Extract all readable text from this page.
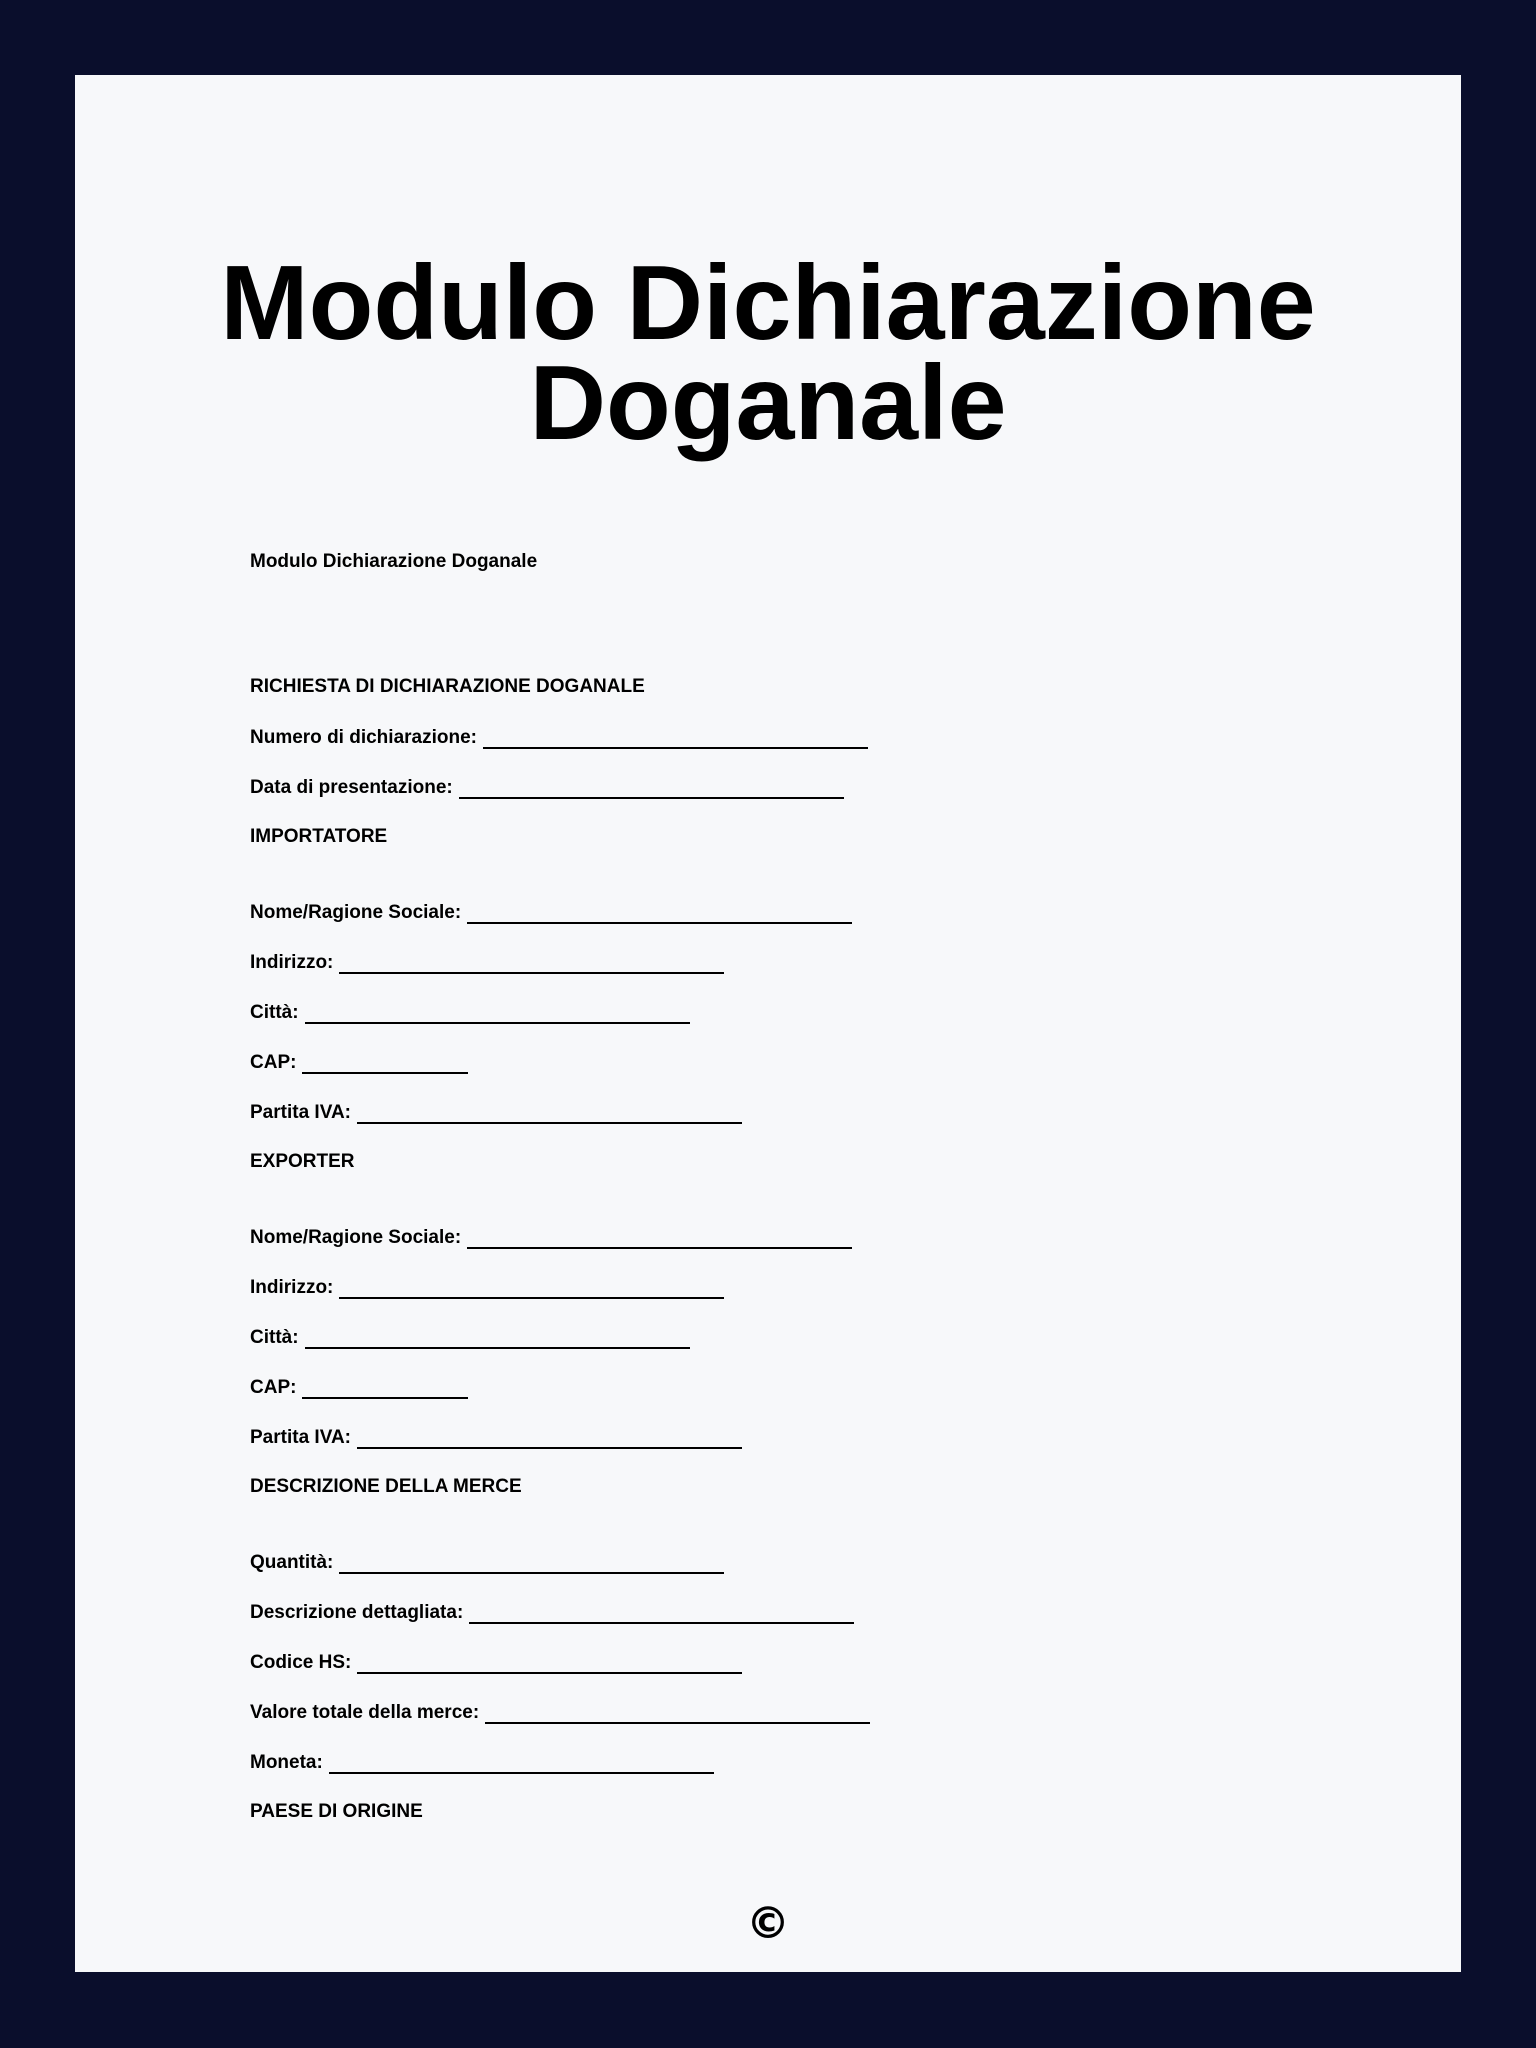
Modulo Dichiarazione
Doganale
Modulo Dichiarazione Doganale
RICHIESTA DI DICHIARAZIONE DOGANALE
Numero di dichiarazione:
Data di presentazione:
IMPORTATORE
Nome/Ragione Sociale:
Indirizzo:
Città:
CAP:
Partita IVA:
EXPORTER
Nome/Ragione Sociale:
Indirizzo:
Città:
CAP:
Partita IVA:
DESCRIZIONE DELLA MERCE
Quantità:
Descrizione dettagliata:
Codice HS:
Valore totale della merce:
Moneta:
PAESE DI ORIGINE
©
